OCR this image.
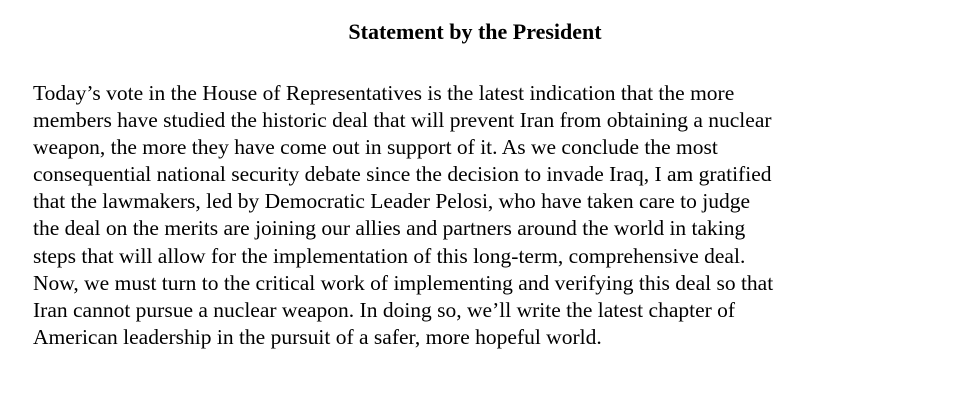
Statement by the President

Today’s vote in the House of Representatives is the latest indication that the more
members have studied the historic deal that will prevent Iran from obtaining a nuclear
weapon, the more they have come out in support of it. As we conclude the most
consequential national security debate since the decision to invade Iraq, I am gratified
that the lawmakers, led by Democratic Leader Pelosi, who have taken care to judge
the deal on the merits are joining our allies and partners around the world in taking
steps that will allow for the implementation of this long-term, comprehensive deal.
Now, we must turn to the critical work of implementing and verifying this deal so that
Iran cannot pursue a nuclear weapon. In doing so, we’ll write the latest chapter of
American leadership in the pursuit of a safer, more hopeful world.
